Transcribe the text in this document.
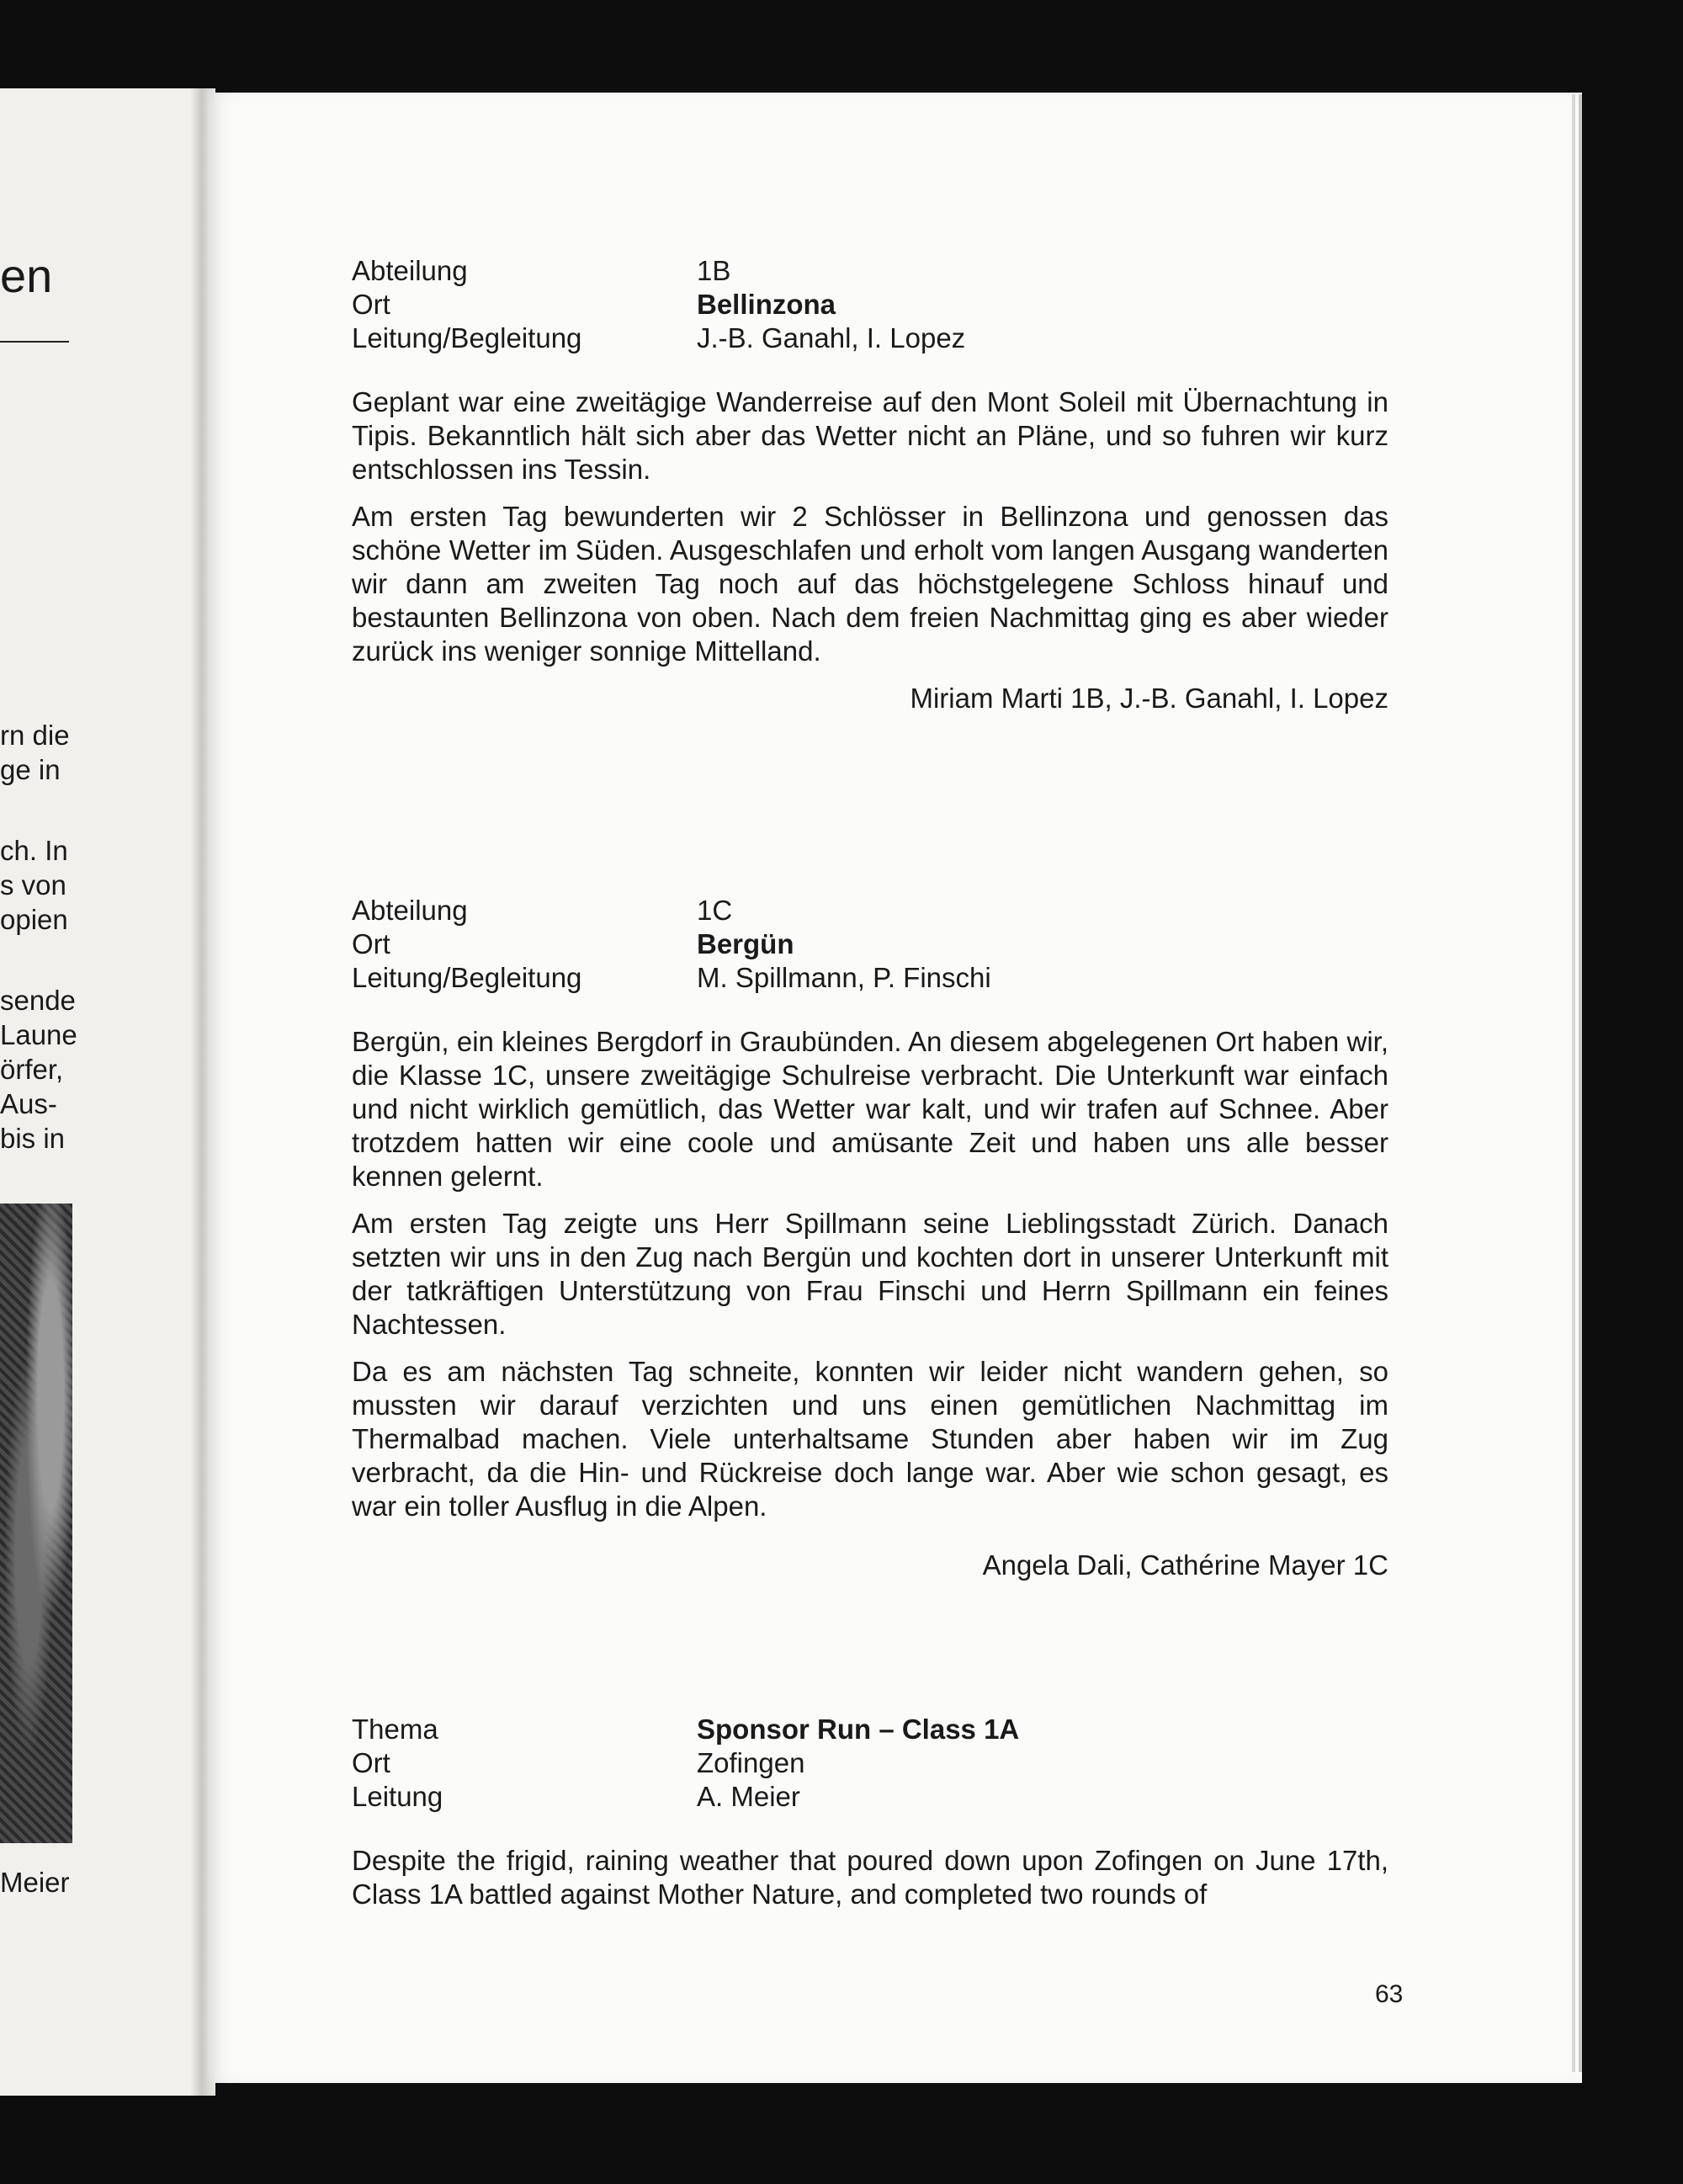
en
rn die
ge in
ch. In
s von
opien
sende
Laune
örfer,
Aus-
bis in
Meier
Abteilung	1B
Ort	Bellinzona
Leitung/Begleitung	J.-B. Ganahl, I. Lopez

Geplant war eine zweitägige Wanderreise auf den Mont Soleil mit Übernachtung in Tipis. Bekanntlich hält sich aber das Wetter nicht an Pläne, und so fuhren wir kurz entschlossen ins Tessin.

Am ersten Tag bewunderten wir 2 Schlösser in Bellinzona und genossen das schöne Wetter im Süden. Ausgeschlafen und erholt vom langen Ausgang wanderten wir dann am zweiten Tag noch auf das höchstgelegene Schloss hinauf und bestaunten Bellinzona von oben. Nach dem freien Nachmittag ging es aber wieder zurück ins weniger sonnige Mittelland.

Miriam Marti 1B, J.-B. Ganahl, I. Lopez
Abteilung	1C
Ort	Bergün
Leitung/Begleitung	M. Spillmann, P. Finschi

Bergün, ein kleines Bergdorf in Graubünden. An diesem abgelegenen Ort haben wir, die Klasse 1C, unsere zweitägige Schulreise verbracht. Die Unterkunft war einfach und nicht wirklich gemütlich, das Wetter war kalt, und wir trafen auf Schnee. Aber trotzdem hatten wir eine coole und amüsante Zeit und haben uns alle besser kennen gelernt.

Am ersten Tag zeigte uns Herr Spillmann seine Lieblingsstadt Zürich. Danach setzten wir uns in den Zug nach Bergün und kochten dort in unserer Unterkunft mit der tatkräftigen Unterstützung von Frau Finschi und Herrn Spillmann ein feines Nachtessen.

Da es am nächsten Tag schneite, konnten wir leider nicht wandern gehen, so mussten wir darauf verzichten und uns einen gemütlichen Nachmittag im Thermalbad machen. Viele unterhaltsame Stunden aber haben wir im Zug verbracht, da die Hin- und Rückreise doch lange war. Aber wie schon gesagt, es war ein toller Ausflug in die Alpen.

Angela Dali, Cathérine Mayer 1C
Thema	Sponsor Run – Class 1A
Ort	Zofingen
Leitung	A. Meier

Despite the frigid, raining weather that poured down upon Zofingen on June 17th, Class 1A battled against Mother Nature, and completed two rounds of

63
